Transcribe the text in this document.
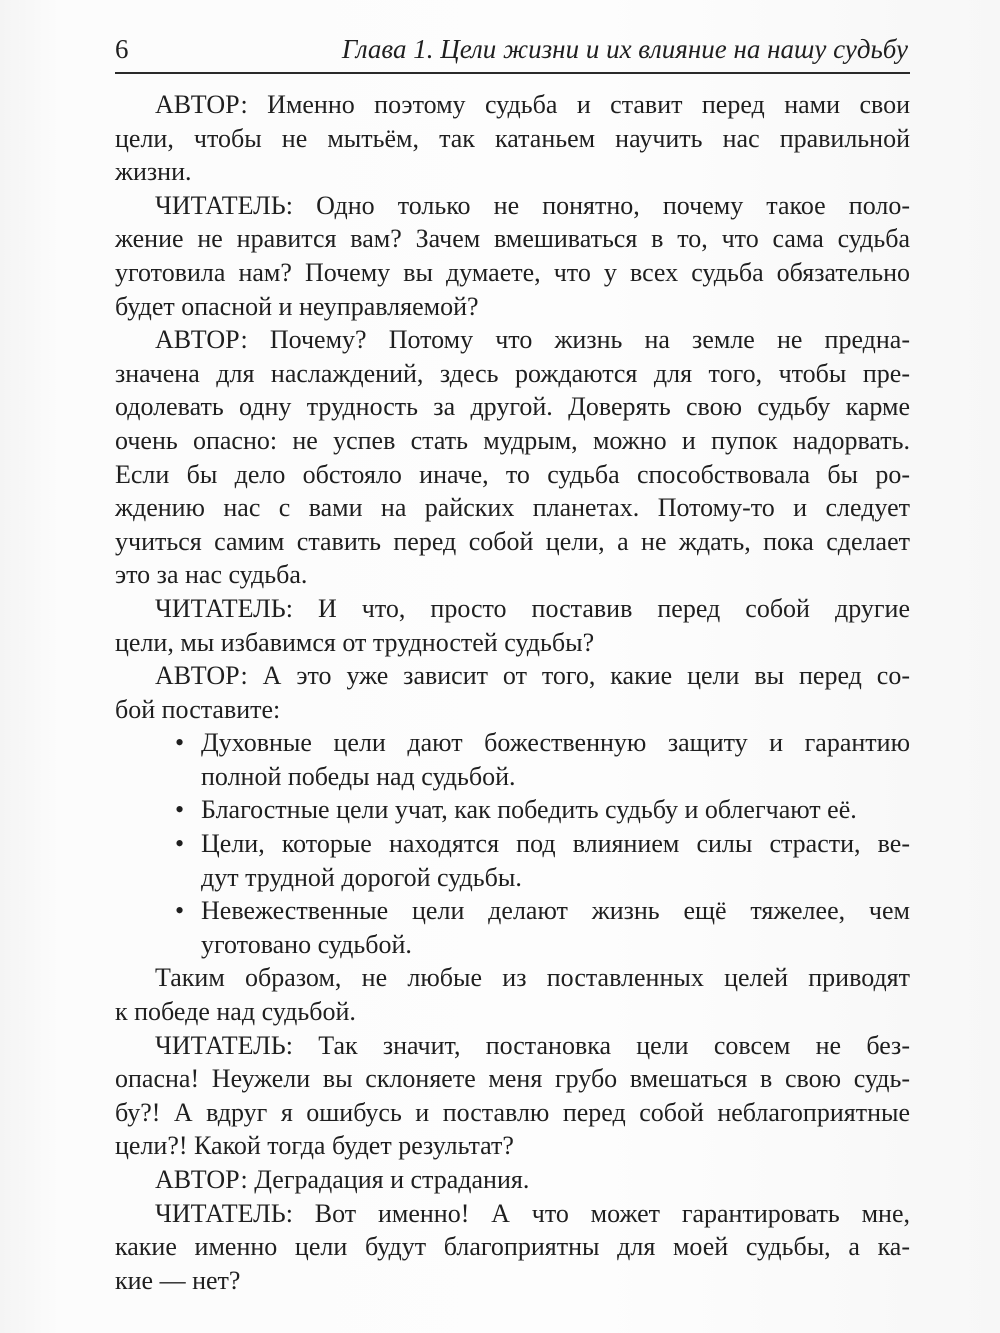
6	Глава 1. Цели жизни и их влияние на нашу судьбу
АВТОР: Именно поэтому судьба и ставит перед нами свои
цели, чтобы не мытьём, так катаньем научить нас правильной
жизни.
ЧИТАТЕЛЬ: Одно только не понятно, почему такое поло-
жение не нравится вам? Зачем вмешиваться в то, что сама судьба
уготовила нам? Почему вы думаете, что у всех судьба обязательно
будет опасной и неуправляемой?
АВТОР: Почему? Потому что жизнь на земле не предна-
значена для наслаждений, здесь рождаются для того, чтобы пре-
одолевать одну трудность за другой. Доверять свою судьбу карме
очень опасно: не успев стать мудрым, можно и пупок надорвать.
Если бы дело обстояло иначе, то судьба способствовала бы ро-
ждению нас с вами на райских планетах. Потому-то и следует
учиться самим ставить перед собой цели, а не ждать, пока сделает
это за нас судьба.
ЧИТАТЕЛЬ: И что, просто поставив перед собой другие
цели, мы избавимся от трудностей судьбы?
АВТОР: А это уже зависит от того, какие цели вы перед со-
бой поставите:
• Духовные цели дают божественную защиту и гарантию
полной победы над судьбой.
• Благостные цели учат, как победить судьбу и облегчают её.
• Цели, которые находятся под влиянием силы страсти, ве-
дут трудной дорогой судьбы.
• Невежественные цели делают жизнь ещё тяжелее, чем
уготовано судьбой.
Таким образом, не любые из поставленных целей приводят
к победе над судьбой.
ЧИТАТЕЛЬ: Так значит, постановка цели совсем не без-
опасна! Неужели вы склоняете меня грубо вмешаться в свою судь-
бу?! А вдруг я ошибусь и поставлю перед собой неблагоприятные
цели?! Какой тогда будет результат?
АВТОР: Деградация и страдания.
ЧИТАТЕЛЬ: Вот именно! А что может гарантировать мне,
какие именно цели будут благоприятны для моей судьбы, а ка-
кие — нет?
